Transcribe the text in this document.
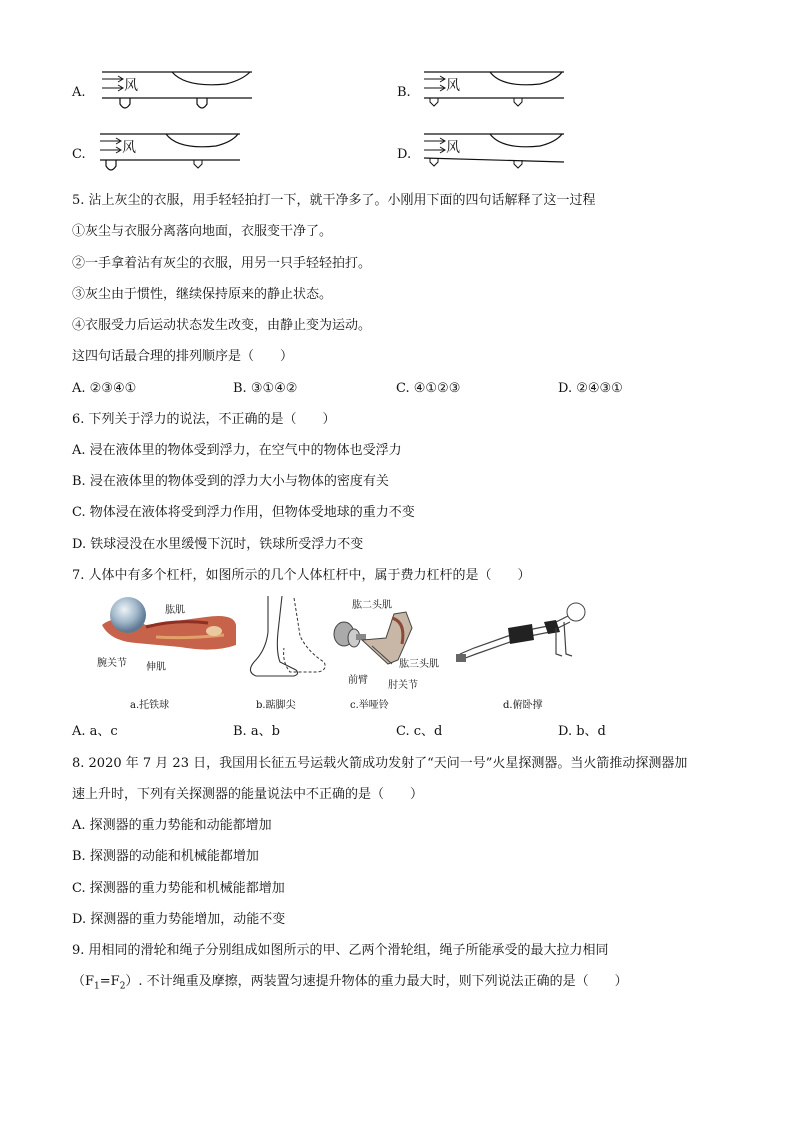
A.	风	B.	风
C.	风	D. 风
5. 沾上灰尘的衣服，用手轻轻拍打一下，就干净多了。小刚用下面的四句话解释了这一过程
①灰尘与衣服分离落向地面，衣服变干净了。
②一手拿着沾有灰尘的衣服，用另一只手轻轻拍打。
③灰尘由于惯性，继续保持原来的静止状态。
④衣服受力后运动状态发生改变，由静止变为运动。
这四句话最合理的排列顺序是（　　）
A. ②③④①	B. ③①④②	C. ④①②③	D. ②④③①
6. 下列关于浮力的说法，不正确的是（　　）
A. 浸在液体里的物体受到浮力，在空气中的物体也受浮力
B. 浸在液体里的物体受到的浮力大小与物体的密度有关
C. 物体浸在液体将受到浮力作用，但物体受地球的重力不变
D. 铁球浸没在水里缓慢下沉时，铁球所受浮力不变
7. 人体中有多个杠杆，如图所示的几个人体杠杆中，属于费力杠杆的是（　　）
肱肌
腕关节 伸肌
a.托铁球	b.踮脚尖
肱二头肌
肱三头肌
前臂 肘关节
c.举哑铃	d.俯卧撑
A. a、c	B. a、b	C. c、d	D. b、d
8. 2020 年 7 月 23 日，我国用长征五号运载火箭成功发射了“天问一号”火星探测器。当火箭推动探测器加
速上升时，下列有关探测器的能量说法中不正确的是（　　）
A. 探测器的重力势能和动能都增加
B. 探测器的动能和机械能都增加
C. 探测器的重力势能和机械能都增加
D. 探测器的重力势能增加，动能不变
9. 用相同的滑轮和绳子分别组成如图所示的甲、乙两个滑轮组，绳子所能承受的最大拉力相同
$(F_1=F_2)$. 不计绳重及摩擦，两装置匀速提升物体的重力最大时，则下列说法正确的是（　　）
